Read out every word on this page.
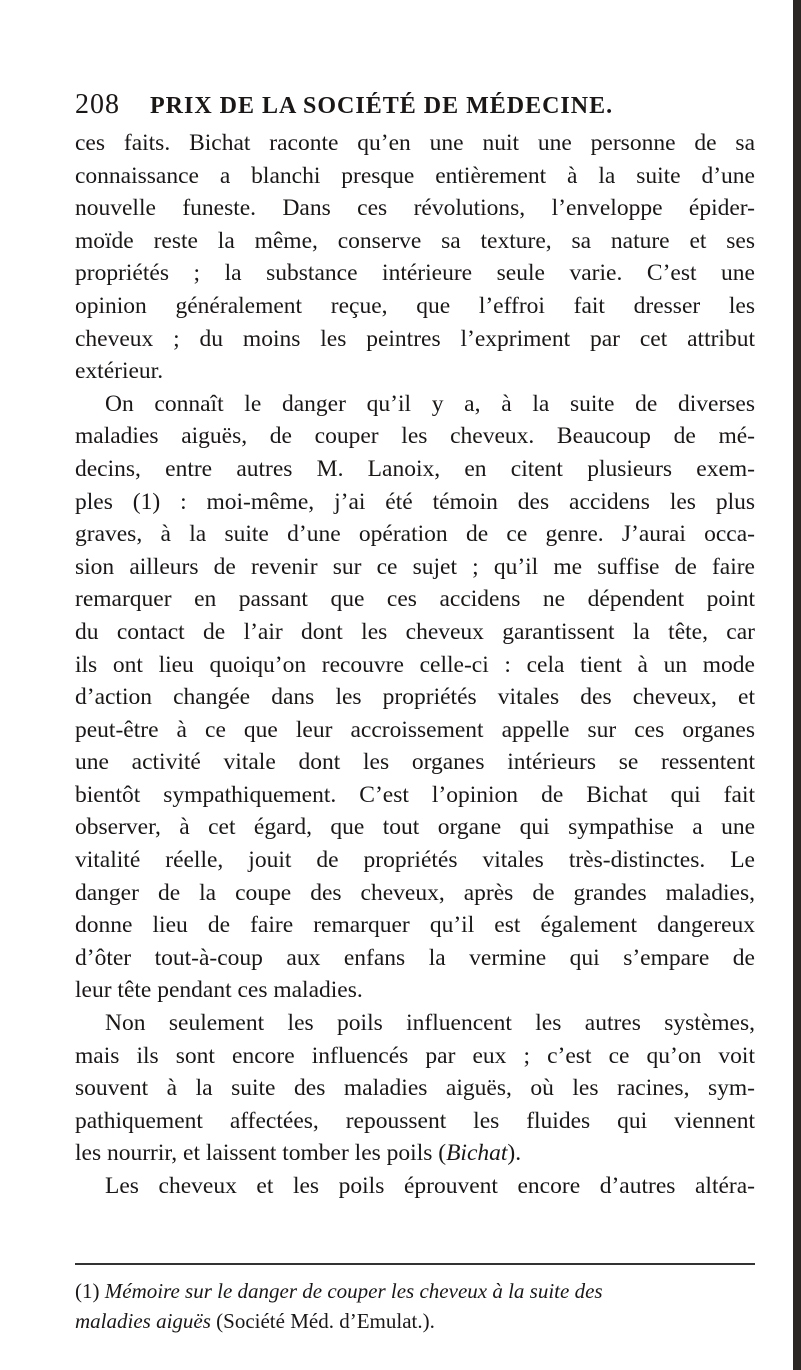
208 PRIX DE LA SOCIÉTÉ DE MÉDECINE.
ces faits. Bichat raconte qu’en une nuit une personne de sa
connaissance a blanchi presque entièrement à la suite d’une
nouvelle funeste. Dans ces révolutions, l’enveloppe épider-
moïde reste la même, conserve sa texture, sa nature et ses
propriétés ; la substance intérieure seule varie. C’est une
opinion généralement reçue, que l’effroi fait dresser les
cheveux ; du moins les peintres l’expriment par cet attribut
extérieur.
On connaît le danger qu’il y a, à la suite de diverses
maladies aiguës, de couper les cheveux. Beaucoup de mé-
decins, entre autres M. Lanoix, en citent plusieurs exem-
ples (1) : moi-même, j’ai été témoin des accidens les plus
graves, à la suite d’une opération de ce genre. J’aurai occa-
sion ailleurs de revenir sur ce sujet ; qu’il me suffise de faire
remarquer en passant que ces accidens ne dépendent point
du contact de l’air dont les cheveux garantissent la tête, car
ils ont lieu quoiqu’on recouvre celle-ci : cela tient à un mode
d’action changée dans les propriétés vitales des cheveux, et
peut-être à ce que leur accroissement appelle sur ces organes
une activité vitale dont les organes intérieurs se ressentent
bientôt sympathiquement. C’est l’opinion de Bichat qui fait
observer, à cet égard, que tout organe qui sympathise a une
vitalité réelle, jouit de propriétés vitales très-distinctes. Le
danger de la coupe des cheveux, après de grandes maladies,
donne lieu de faire remarquer qu’il est également dangereux
d’ôter tout-à-coup aux enfans la vermine qui s’empare de
leur tête pendant ces maladies.
Non seulement les poils influencent les autres systèmes,
mais ils sont encore influencés par eux ; c’est ce qu’on voit
souvent à la suite des maladies aiguës, où les racines, sym-
pathiquement affectées, repoussent les fluides qui viennent
les nourrir, et laissent tomber les poils (Bichat).
Les cheveux et les poils éprouvent encore d’autres altéra-
(1) Mémoire sur le danger de couper les cheveux à la suite des
maladies aiguës (Société Méd. d’Emulat.).
